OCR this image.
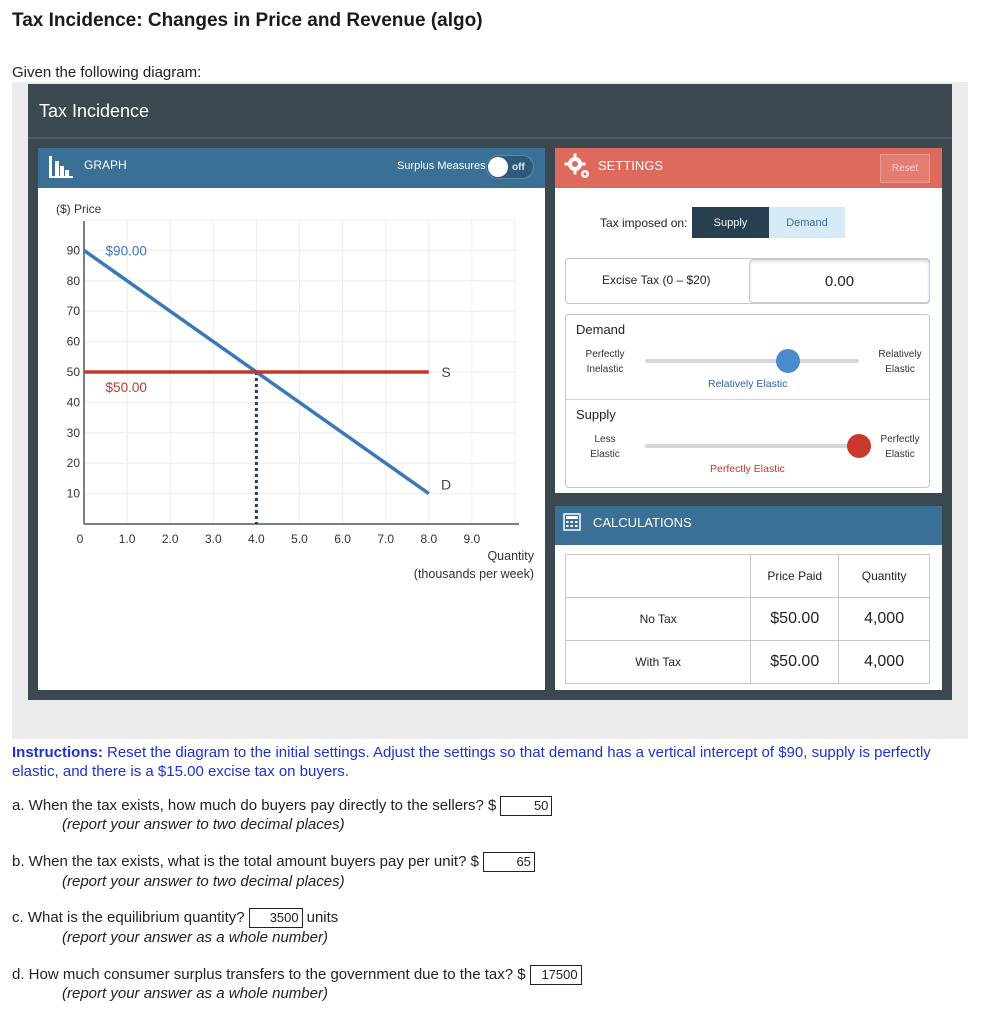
Tax Incidence: Changes in Price and Revenue (algo)
Given the following diagram:
Tax Incidence
GRAPH	Surplus Measures	off
10
20
30
40
50
60
70
80
90
1.0 2.0 3.0 4.0 5.0 6.0 7.0 8.0 9.0
$90.00
$50.00
S
D
($) Price
0
Quantity
(thousands per week)
SETTINGS	Reset
Tax imposed on:	Supply	Demand
Excise Tax (0 – $20)
0.00
Demand
Perfectly
Inelastic
Relatively
Elastic
Relatively Elastic
Supply
Less
Elastic
Perfectly
Elastic
Perfectly Elastic
CALCULATIONS
	Price Paid	Quantity
No Tax	$50.00	4,000
With Tax	$50.00	4,000
Instructions: Reset the diagram to the initial settings. Adjust the settings so that demand has a vertical intercept of $90, supply is perfectly elastic, and there is a $15.00 excise tax on buyers.
a. When the tax exists, how much do buyers pay directly to the sellers? $	50
(report your answer to two decimal places)
b. When the tax exists, what is the total amount buyers pay per unit? $	65
(report your answer to two decimal places)
c. What is the equilibrium quantity? 3500 units
(report your answer as a whole number)
d. How much consumer surplus transfers to the government due to the tax? $ 17500
(report your answer as a whole number)
